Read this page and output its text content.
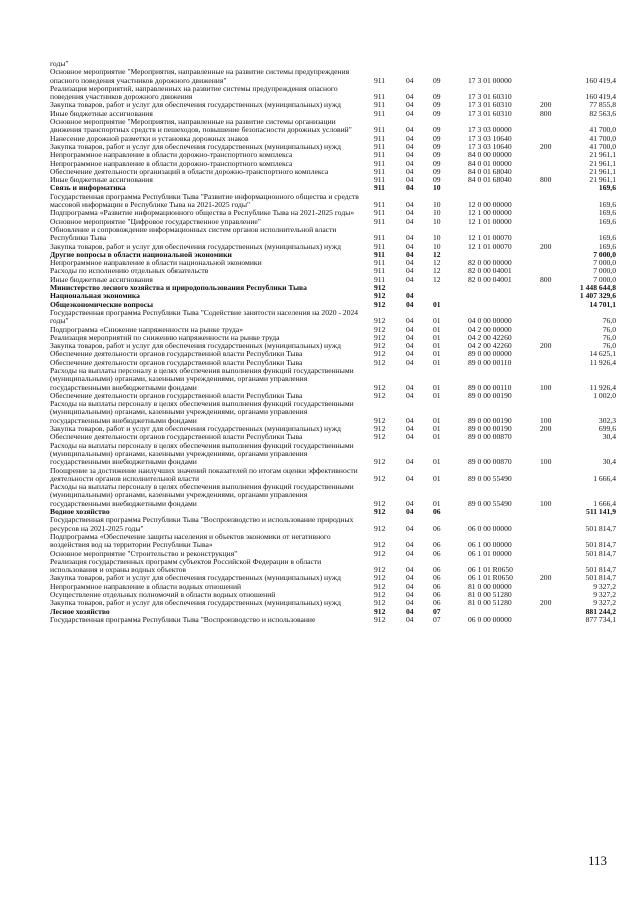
годы"						
Основное мероприятие "Мероприятия, направленные на развитие системы предупреждения опасного поведения участников дорожного движения"	911	04	09	17 3 01 00000		160 419,4
Реализация мероприятий, направленных на развитие системы предупреждения опасного поведения участников дорожного движения	911	04	09	17 3 01 60310		160 419,4
Закупка товаров, работ и услуг для обеспечения государственных (муниципальных) нужд	911	04	09	17 3 01 60310	200	77 855,8
Иные бюджетные ассигнования	911	04	09	17 3 01 60310	800	82 563,6
Основное мероприятие "Мероприятия, направленные на развитие системы организации движения транспортных средств и пешеходов, повышение безопасности дорожных условий"	911	04	09	17 3 03 00000		41 700,0
Нанесение дорожной разметки и установка дорожных знаков	911	04	09	17 3 03 10640		41 700,0
Закупка товаров, работ и услуг для обеспечения государственных (муниципальных) нужд	911	04	09	17 3 03 10640	200	41 700,0
Непрограммное направление в области дорожно-транспортного комплекса	911	04	09	84 0 00 00000		21 961,1
Непрограммное направление в области дорожно-транспортного комплекса	911	04	09	84 0 01 00000		21 961,1
Обеспечение деятельности организаций в области дорожно-транспортного комплекса	911	04	09	84 0 01 68040		21 961,1
Иные бюджетные ассигнования	911	04	09	84 0 01 68040	800	21 961,1
Связь и информатика	911	04	10			169,6
Государственная программа Республики Тыва "Развитие информационного общества и средств массовой информации в Республике Тыва на 2021-2025 годы"	911	04	10	12 0 00 00000		169,6
Подпрограмма «Развитие информационного общества в Республике Тыва на 2021-2025 годы»	911	04	10	12 1 00 00000		169,6
Основное мероприятие "Цифровое государственное управление"	911	04	10	12 1 01 00000		169,6
Обновление и сопровождение информационных систем органов исполнительной власти Республики Тыва	911	04	10	12 1 01 00070		169,6
Закупка товаров, работ и услуг для обеспечения государственных (муниципальных) нужд	911	04	10	12 1 01 00070	200	169,6
Другие вопросы в области национальной экономики	911	04	12			7 000,0
Непрограммное направление в области национальной экономики	911	04	12	82 0 00 00000		7 000,0
Расходы по исполнению отдельных обязательств	911	04	12	82 0 00 04001		7 000,0
Иные бюджетные ассигнования	911	04	12	82 0 00 04001	800	7 000,0
Министерство лесного хозяйства и природопользования Республики Тыва	912					1 448 644,8
Национальная экономика	912	04				1 407 329,6
Общеэкономические вопросы	912	04	01			14 701,1
Государственная программа Республики Тыва "Содействие занятости населения на 2020 - 2024 годы"	912	04	01	04 0 00 00000		76,0
Подпрограмма «Снижение напряженности на рынке труда»	912	04	01	04 2 00 00000		76,0
Реализация мероприятий по снижению напряженности на рынке труда	912	04	01	04 2 00 42260		76,0
Закупка товаров, работ и услуг для обеспечения государственных (муниципальных) нужд	912	04	01	04 2 00 42260	200	76,0
Обеспечение деятельности органов государственной власти Республики Тыва	912	04	01	89 0 00 00000		14 625,1
Обеспечение деятельности органов государственной власти Республики Тыва	912	04	01	89 0 00 00110		11 926,4
Расходы на выплаты персоналу в целях обеспечения выполнения функций государственными (муниципальными) органами, казенными учреждениями, органами управления государственными внебюджетными фондами	912	04	01	89 0 00 00110	100	11 926,4
Обеспечение деятельности органов государственной власти Республики Тыва	912	04	01	89 0 00 00190		1 002,0
Расходы на выплаты персоналу в целях обеспечения выполнения функций государственными (муниципальными) органами, казенными учреждениями, органами управления государственными внебюджетными фондами	912	04	01	89 0 00 00190	100	302,3
Закупка товаров, работ и услуг для обеспечения государственных (муниципальных) нужд	912	04	01	89 0 00 00190	200	699,6
Обеспечение деятельности органов государственной власти Республики Тыва	912	04	01	89 0 00 00870		30,4
Расходы на выплаты персоналу в целях обеспечения выполнения функций государственными (муниципальными) органами, казенными учреждениями, органами управления государственными внебюджетными фондами	912	04	01	89 0 00 00870	100	30,4
Поощрение за достижение наилучших значений показателей по итогам оценки эффективности деятельности органов исполнительной власти	912	04	01	89 0 00 55490		1 666,4
Расходы на выплаты персоналу в целях обеспечения выполнения функций государственными (муниципальными) органами, казенными учреждениями, органами управления государственными внебюджетными фондами	912	04	01	89 0 00 55490	100	1 666,4
Водное хозяйство	912	04	06			511 141,9
Государственная программа Республики Тыва "Воспроизводство и использование природных ресурсов на 2021-2025 годы"	912	04	06	06 0 00 00000		501 814,7
Подпрограмма «Обеспечение защиты населения и объектов экономики от негативного воздействия вод на территории Республики Тыва»	912	04	06	06 1 00 00000		501 814,7
Основное мероприятие "Строительство и реконструкция"	912	04	06	06 1 01 00000		501 814,7
Реализация государственных программ субъектов Российской Федерации в области использования и охраны водных объектов	912	04	06	06 1 01 R0650		501 814,7
Закупка товаров, работ и услуг для обеспечения государственных (муниципальных) нужд	912	04	06	06 1 01 R0650	200	501 814,7
Непрограммное направление в области водных отношений	912	04	06	81 0 00 00000		9 327,2
Осуществление отдельных полномочий в области водных отношений	912	04	06	81 0 00 51280		9 327,2
Закупка товаров, работ и услуг для обеспечения государственных (муниципальных) нужд	912	04	06	81 0 00 51280	200	9 327,2
Лесное хозяйство	912	04	07			881 244,2
Государственная программа Республики Тыва "Воспроизводство и использование	912	04	07	06 0 00 00000		877 734,1
113
